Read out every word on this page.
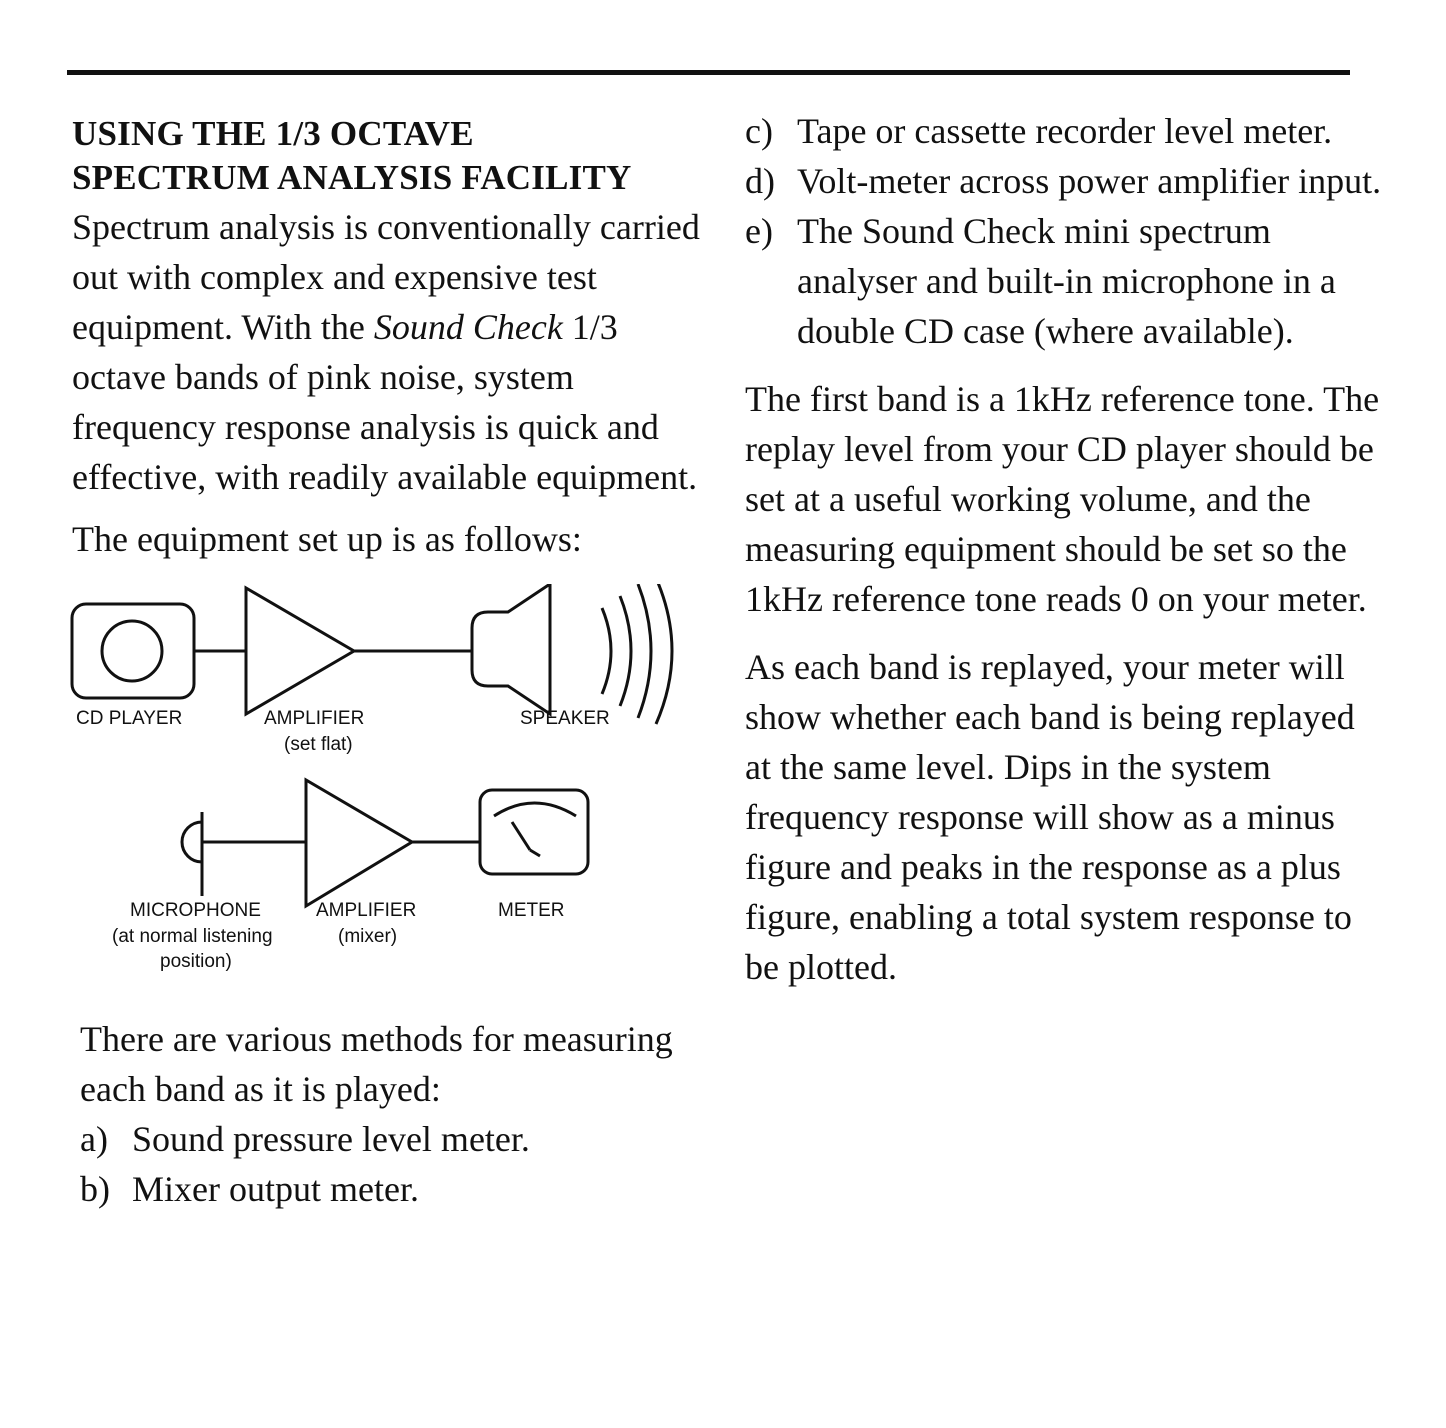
USING THE 1/3 OCTAVE
SPECTRUM ANALYSIS FACILITY

Spectrum analysis is conventionally carried out with complex and expensive test equipment. With the Sound Check 1/3 octave bands of pink noise, system frequency response analysis is quick and effective, with readily available equipment.

The equipment set up is as follows:

CD PLAYER	AMPLIFIER
(set flat)
SPEAKER
MICROPHONE
(at normal listening
position)
AMPLIFIER
(mixer)
METER

There are various methods for measuring each band as it is played:

a) Sound pressure level meter.
b) Mixer output meter.
c) Tape or cassette recorder level meter.
d) Volt-meter across power amplifier input.
e) The Sound Check mini spectrum analyser and built-in microphone in a double CD case (where available).

The first band is a 1kHz reference tone. The replay level from your CD player should be set at a useful working volume, and the measuring equipment should be set so the 1kHz reference tone reads 0 on your meter.

As each band is replayed, your meter will show whether each band is being replayed at the same level. Dips in the system frequency response will show as a minus figure and peaks in the response as a plus figure, enabling a total system response to be plotted.
